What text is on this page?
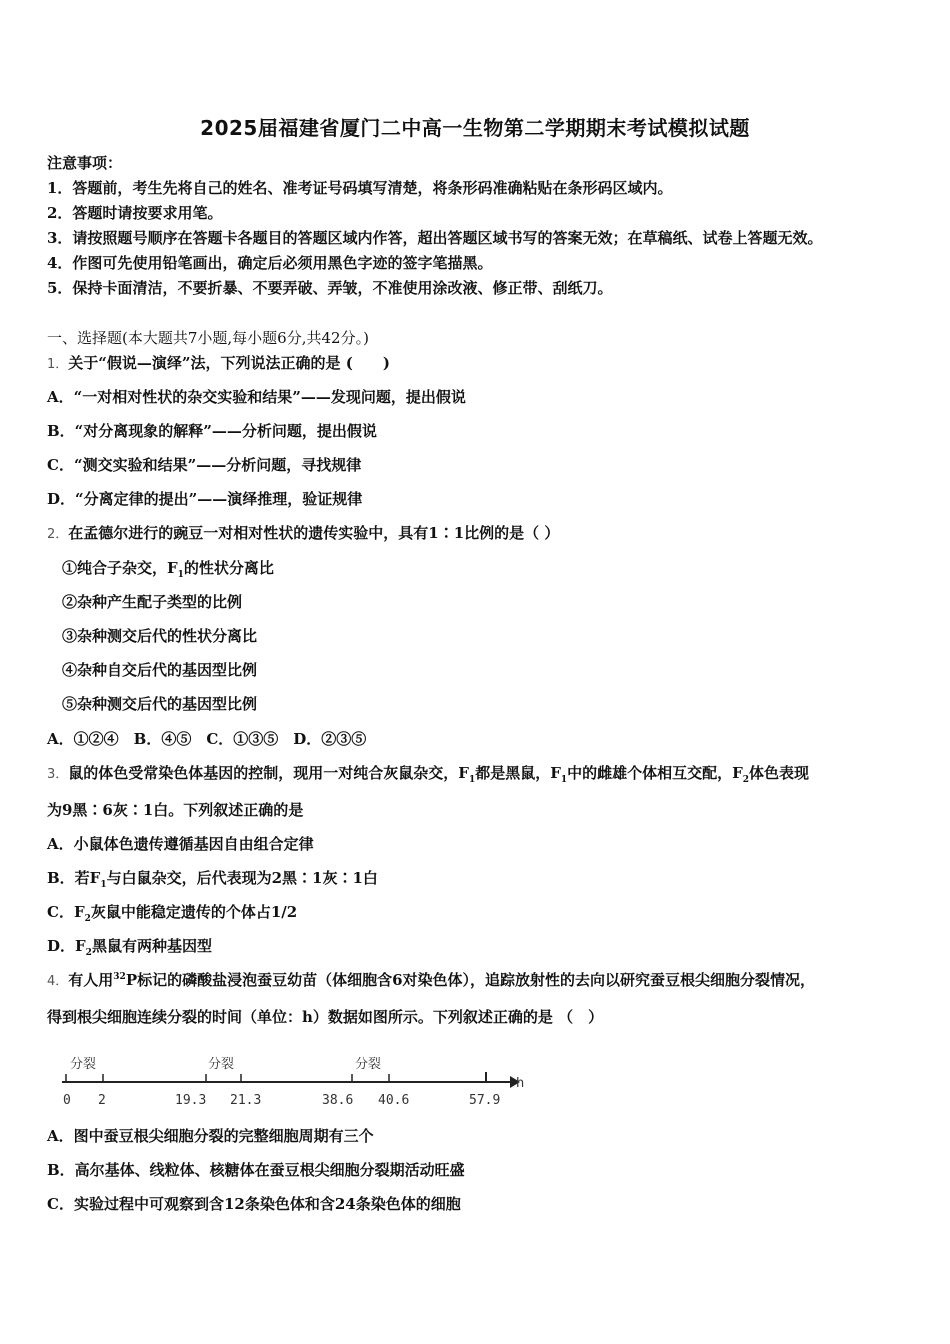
2025届福建省厦门二中高一生物第二学期期末考试模拟试题
注意事项：
1．答题前，考生先将自己的姓名、准考证号码填写清楚，将条形码准确粘贴在条形码区域内。
2．答题时请按要求用笔。
3．请按照题号顺序在答题卡各题目的答题区域内作答，超出答题区域书写的答案无效；在草稿纸、试卷上答题无效。
4．作图可先使用铅笔画出，确定后必须用黑色字迹的签字笔描黑。
5．保持卡面清洁，不要折暴、不要弄破、弄皱，不准使用涂改液、修正带、刮纸刀。
一、选择题(本大题共7小题,每小题6分,共42分。)
1．关于“假说—演绎”法，下列说法正确的是 (　　)
A．“一对相对性状的杂交实验和结果”——发现问题，提出假说
B．“对分离现象的解释”——分析问题，提出假说
C．“测交实验和结果”——分析问题，寻找规律
D．“分离定律的提出”——演绎推理，验证规律
2．在孟德尔进行的豌豆一对相对性状的遗传实验中，具有1∶1比例的是（ ）
①纯合子杂交，$F_1$的性状分离比
②杂种产生配子类型的比例
③杂种测交后代的性状分离比
④杂种自交后代的基因型比例
⑤杂种测交后代的基因型比例
A．①②④　B．④⑤　C．①③⑤　D．②③⑤
3．鼠的体色受常染色体基因的控制，现用一对纯合灰鼠杂交，$F_1$都是黑鼠，$F_1$中的雌雄个体相互交配，$F_2$体色表现
为9黑∶6灰∶1白。下列叙述正确的是
A．小鼠体色遗传遵循基因自由组合定律
B．若$F_1$与白鼠杂交，后代表现为2黑∶1灰∶1白
C．$F_2$灰鼠中能稳定遗传的个体占1/2
D．$F_2$黑鼠有两种基因型
4．有人用$^{32}$P标记的磷酸盐浸泡蚕豆幼苗（体细胞含6对染色体），追踪放射性的去向以研究蚕豆根尖细胞分裂情况，
得到根尖细胞连续分裂的时间（单位：h）数据如图所示。下列叙述正确的是 （　）
分裂	分裂	分裂
h
0 2	19.3 21.3	38.6 40.6	57.9
A．图中蚕豆根尖细胞分裂的完整细胞周期有三个
B．高尔基体、线粒体、核糖体在蚕豆根尖细胞分裂期活动旺盛
C．实验过程中可观察到含12条染色体和含24条染色体的细胞
